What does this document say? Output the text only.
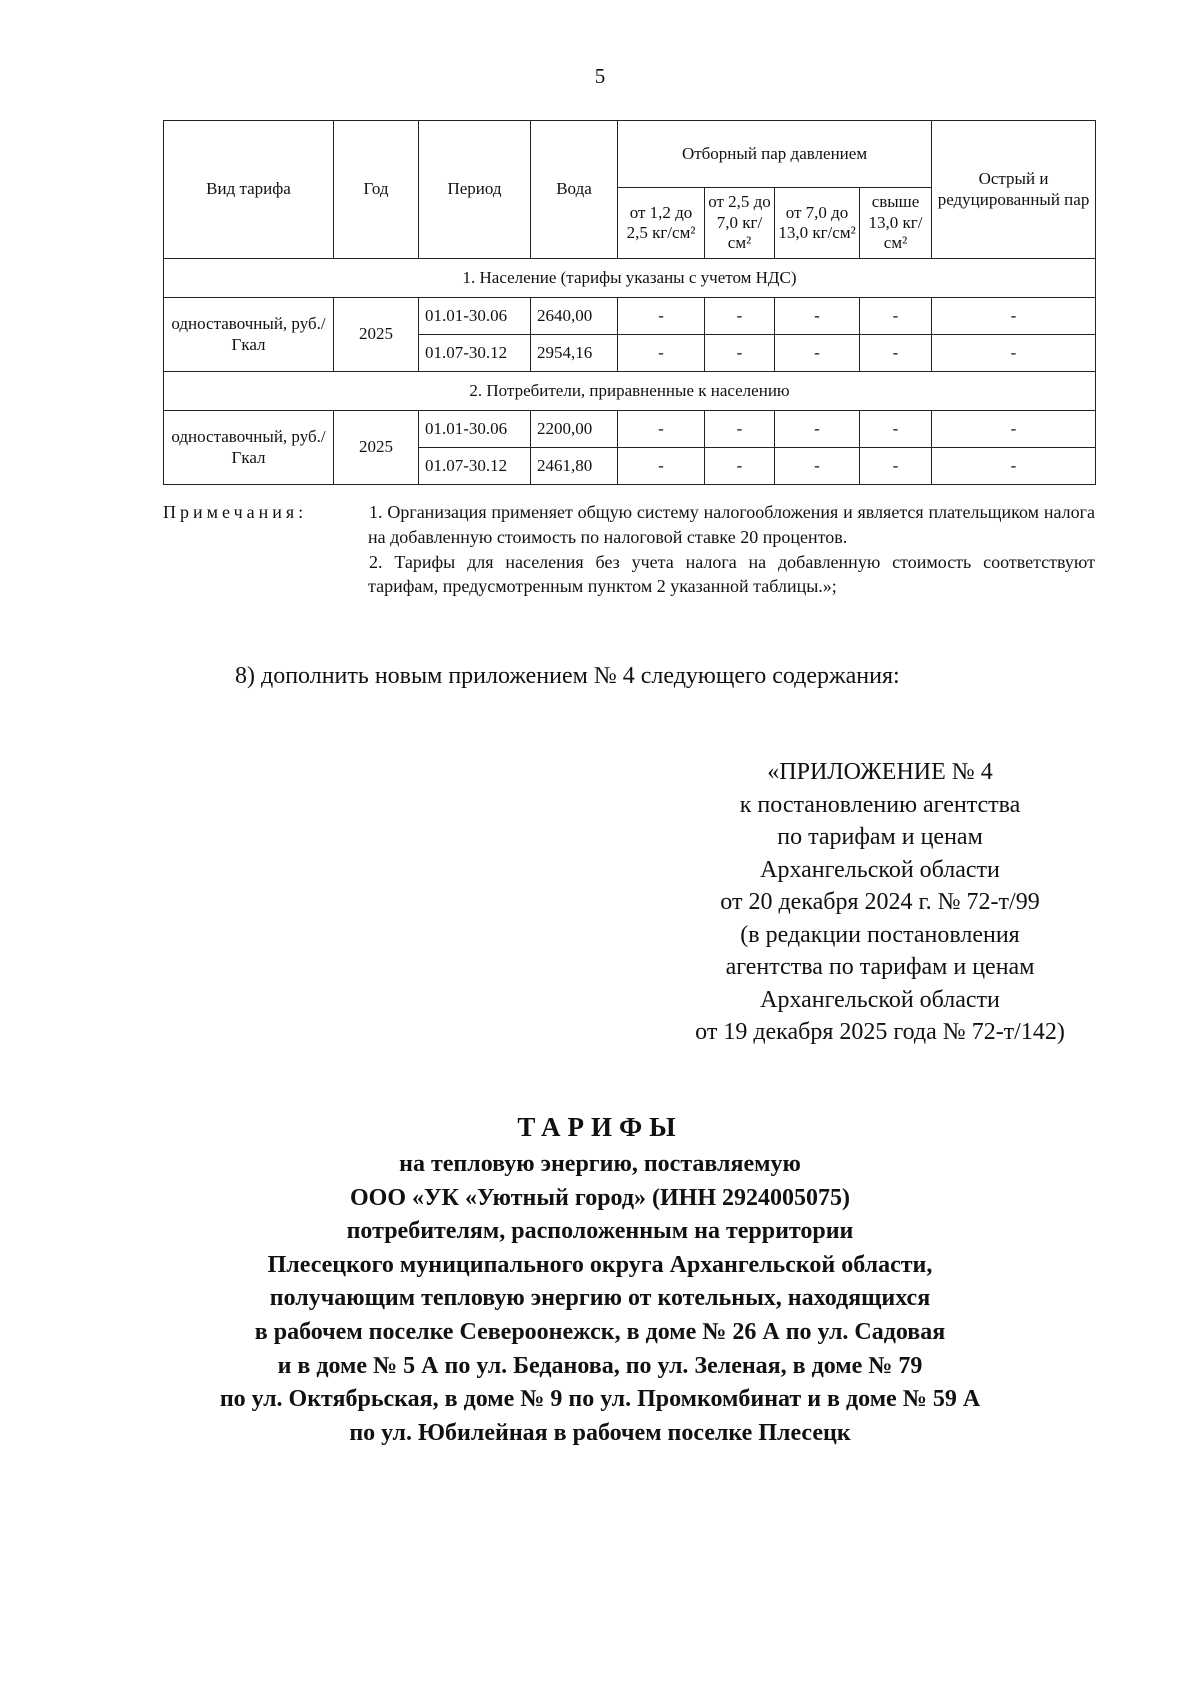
5
Вид тарифа	Год	Период	Вода	Отборный пар давлением				Острый и редуцированный пар
				от 1,2 до 2,5 кг/см²	от 2,5 до 7,0 кг/см²	от 7,0 до 13,0 кг/см²	свыше 13,0 кг/см²	
1. Население (тарифы указаны с учетом НДС)								
одноставочный, руб./Гкал	2025	01.01-30.06	2640,00	-	-	-	-	-
		01.07-30.12	2954,16	-	-	-	-	-
2. Потребители, приравненные к населению								
одноставочный, руб./Гкал	2025	01.01-30.06	2200,00	-	-	-	-	-
		01.07-30.12	2461,80	-	-	-	-	-
Примечания:	1. Организация применяет общую систему налогообложения и является плательщиком налога на добавленную стоимость по налоговой ставке 20 процентов.

2. Тарифы для населения без учета налога на добавленную стоимость соответствуют тарифам, предусмотренным пунктом 2 указанной таблицы.»;

8) дополнить новым приложением № 4 следующего содержания:
«ПРИЛОЖЕНИЕ № 4
к постановлению агентства
по тарифам и ценам
Архангельской области
от 20 декабря 2024 г. № 72-т/99
(в редакции постановления
агентства по тарифам и ценам
Архангельской области
от 19 декабря 2025 года № 72-т/142)
ТАРИФЫ
на тепловую энергию, поставляемую
ООО «УК «Уютный город» (ИНН 2924005075)
потребителям, расположенным на территории
Плесецкого муниципального округа Архангельской области,
получающим тепловую энергию от котельных, находящихся
в рабочем поселке Североонежск, в доме № 26 А по ул. Садовая
и в доме № 5 А по ул. Беданова, по ул. Зеленая, в доме № 79
по ул. Октябрьская, в доме № 9 по ул. Промкомбинат и в доме № 59 А
по ул. Юбилейная в рабочем поселке Плесецк
